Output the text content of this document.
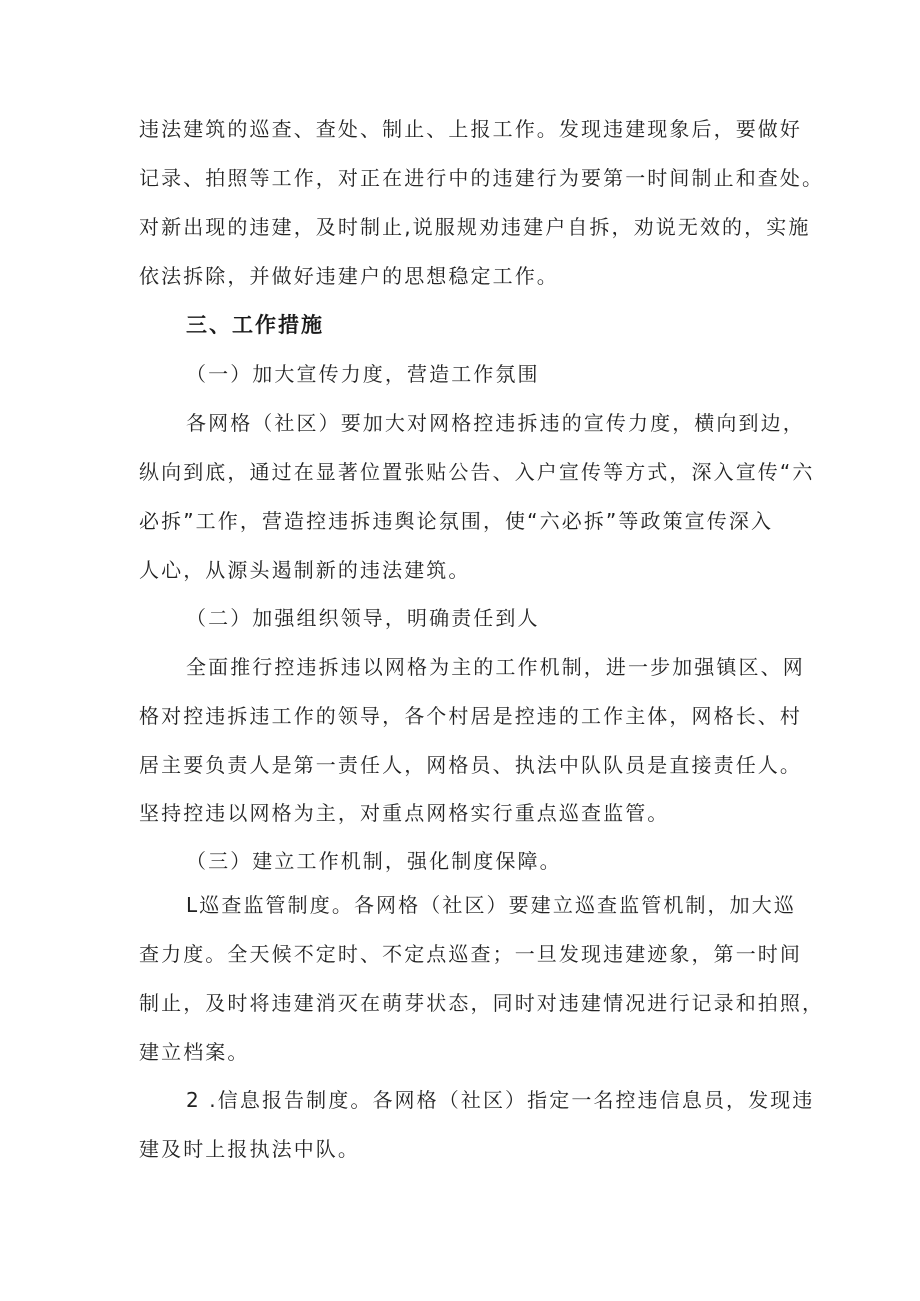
违法建筑的巡查、查处、制止、上报工作。发现违建现象后，要做好
记录、拍照等工作，对正在进行中的违建行为要第一时间制止和查处。
对新出现的违建，及时制止,说服规劝违建户自拆，劝说无效的，实施
依法拆除，并做好违建户的思想稳定工作。
三、工作措施
（一）加大宣传力度，营造工作氛围
各网格（社区）要加大对网格控违拆违的宣传力度，横向到边，
纵向到底，通过在显著位置张贴公告、入户宣传等方式，深入宣传“六
必拆”工作，营造控违拆违舆论氛围，使“六必拆”等政策宣传深入
人心，从源头遏制新的违法建筑。
（二）加强组织领导，明确责任到人
全面推行控违拆违以网格为主的工作机制，进一步加强镇区、网
格对控违拆违工作的领导，各个村居是控违的工作主体，网格长、村
居主要负责人是第一责任人，网格员、执法中队队员是直接责任人。
坚持控违以网格为主，对重点网格实行重点巡查监管。
（三）建立工作机制，强化制度保障。
L巡查监管制度。各网格（社区）要建立巡查监管机制，加大巡
查力度。全天候不定时、不定点巡查；一旦发现违建迹象，第一时间
制止，及时将违建消灭在萌芽状态，同时对违建情况进行记录和拍照，
建立档案。
2 .信息报告制度。各网格（社区）指定一名控违信息员，发现违
建及时上报执法中队。
